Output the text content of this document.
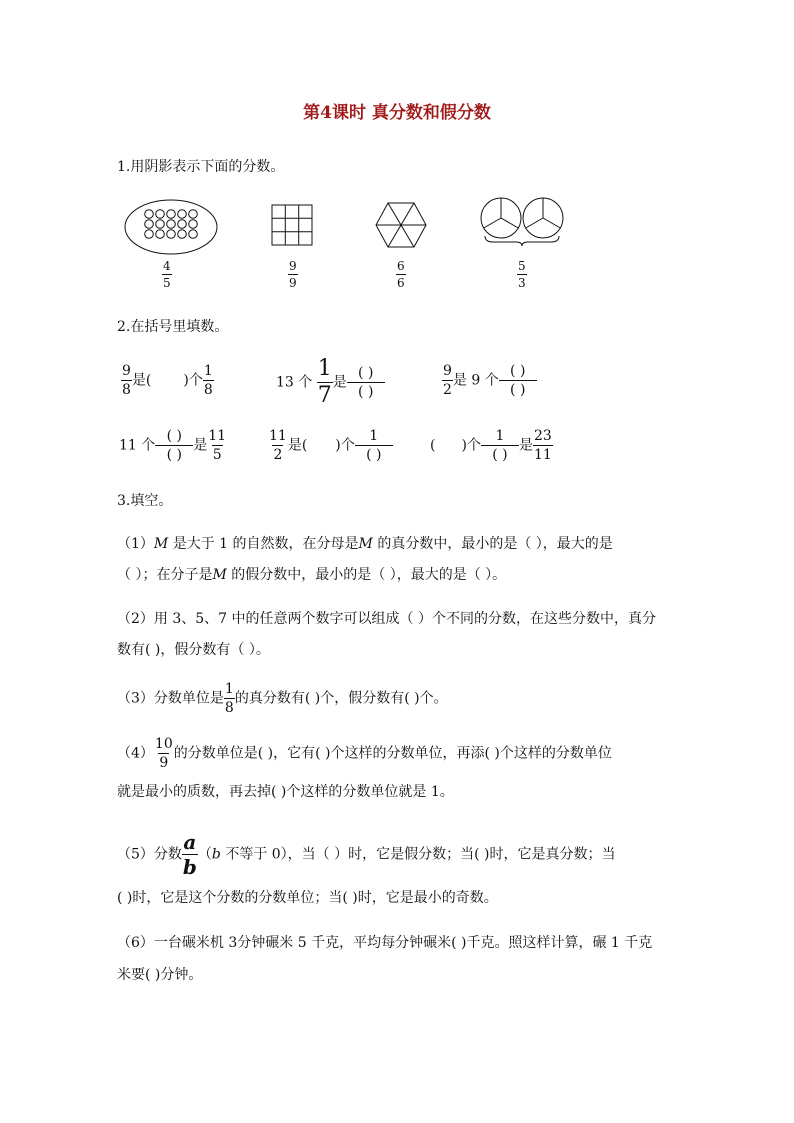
第4课时 真分数和假分数
1.用阴影表示下面的分数。
$\frac{4}{5}$	$\frac{9}{9}$	$\frac{6}{6}$	$\frac{5}{3}$
2.在括号里填数。
$\frac{9}{8}$ 是( )个 $\frac{1}{8}$	13 个 $\frac{1}{7}$ 是 $\frac{( )}{( )}$	$\frac{9}{2}$ 是 9 个 $\frac{( )}{( )}$
11 个 $\frac{( )}{( )}$ 是 $\frac{11}{5}$	$\frac{11}{2}$ 是( )个 $\frac{1}{( )}$	( )个 $\frac{1}{( )}$ 是 $\frac{23}{11}$
3.填空。
（1）M 是大于 1 的自然数，在分母是M 的真分数中，最小的是（ ），最大的是
（ ）；在分子是M 的假分数中，最小的是（ ），最大的是（ ）。
（2）用 3、5、7 中的任意两个数字可以组成（ ）个不同的分数，在这些分数中，真分
数有( )，假分数有（ ）。
（3）分数单位是 $\frac{1}{8}$ 的真分数有( )个，假分数有( )个。
$(4) \frac{10}{9}$ 的分数单位是( )，它有( )个这样的分数单位，再添( )个这样的分数单位
就是最小的质数，再去掉( )个这样的分数单位就是 1。
（5）分数 $\frac{a}{b} (b$ 不等于 0），当（ ）时，它是假分数；当( )时，它是真分数；当
( )时，它是这个分数的分数单位；当( )时，它是最小的奇数。
（6）一台碾米机 3分钟碾米 5 千克，平均每分钟碾米( )千克。照这样计算，碾 1 千克
米要( )分钟。
